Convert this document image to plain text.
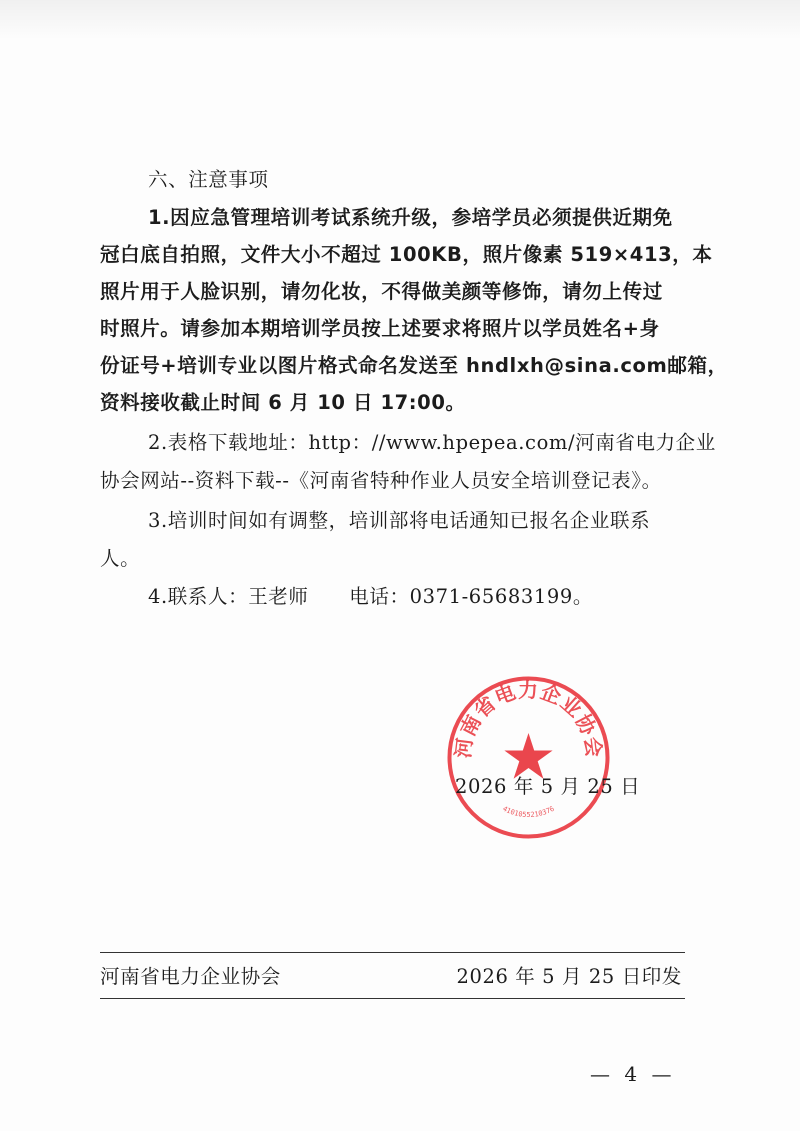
六、注意事项
1.因应急管理培训考试系统升级，参培学员必须提供近期免
冠白底自拍照，文件大小不超过 100KB，照片像素 519×413，本
照片用于人脸识别，请勿化妆，不得做美颜等修饰，请勿上传过
时照片。请参加本期培训学员按上述要求将照片以学员姓名+身
份证号+培训专业以图片格式命名发送至 hndlxh@sina.com邮箱，
资料接收截止时间 6 月 10 日 17:00。
2.表格下载地址：http：//www.hpepea.com/河南省电力企业
协会网站--资料下载--《河南省特种作业人员安全培训登记表》。
3.培训时间如有调整，培训部将电话通知已报名企业联系
人。
4.联系人：王老师      电话：0371-65683199。
河南省电力企业协会
4101055210376
2026 年 5 月 25 日
河南省电力企业协会	2026 年 5 月 25 日印发
— 4 —
